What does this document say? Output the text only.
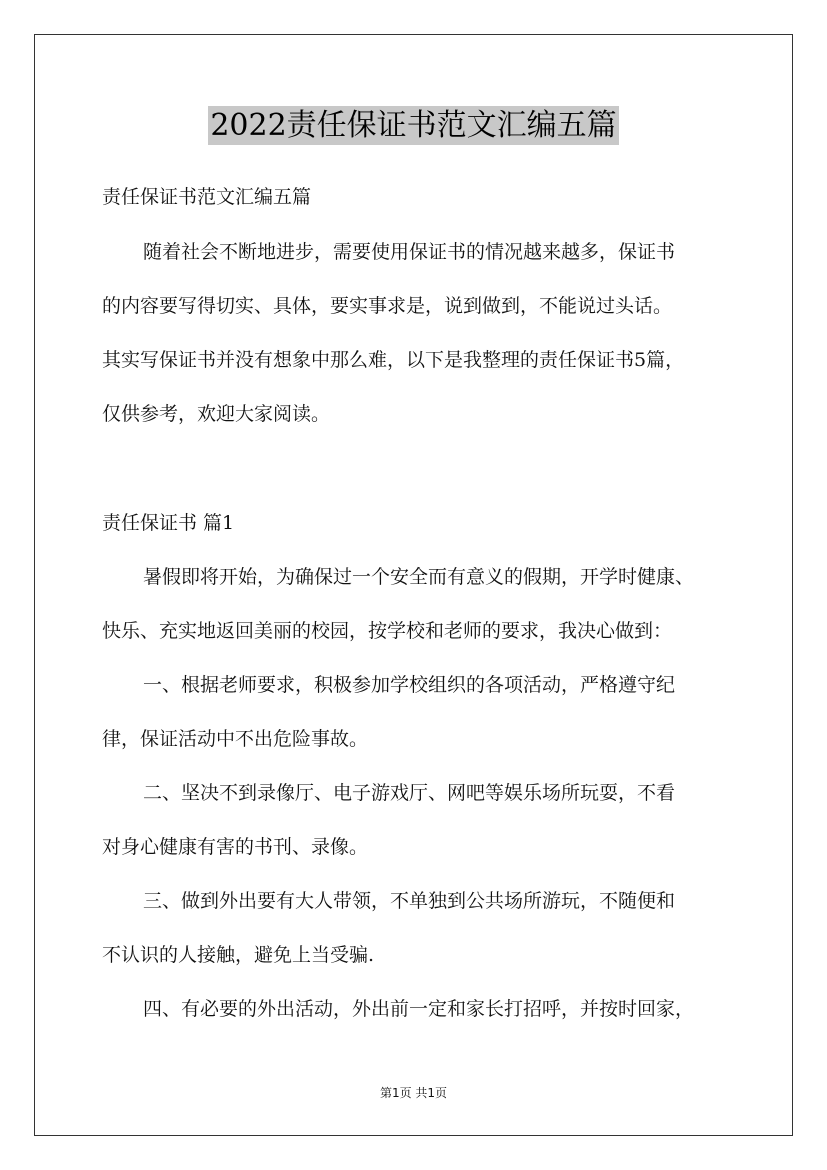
2022责任保证书范文汇编五篇
责任保证书范文汇编五篇
随着社会不断地进步，需要使用保证书的情况越来越多，保证书
的内容要写得切实、具体，要实事求是，说到做到，不能说过头话。
其实写保证书并没有想象中那么难，以下是我整理的责任保证书5篇，
仅供参考，欢迎大家阅读。
责任保证书 篇1
暑假即将开始，为确保过一个安全而有意义的假期，开学时健康、
快乐、充实地返回美丽的校园，按学校和老师的要求，我决心做到：
一、根据老师要求，积极参加学校组织的各项活动，严格遵守纪
律，保证活动中不出危险事故。
二、坚决不到录像厅、电子游戏厅、网吧等娱乐场所玩耍，不看
对身心健康有害的书刊、录像。
三、做到外出要有大人带领，不单独到公共场所游玩，不随便和
不认识的人接触，避免上当受骗.
四、有必要的外出活动，外出前一定和家长打招呼，并按时回家，
第1页 共1页
